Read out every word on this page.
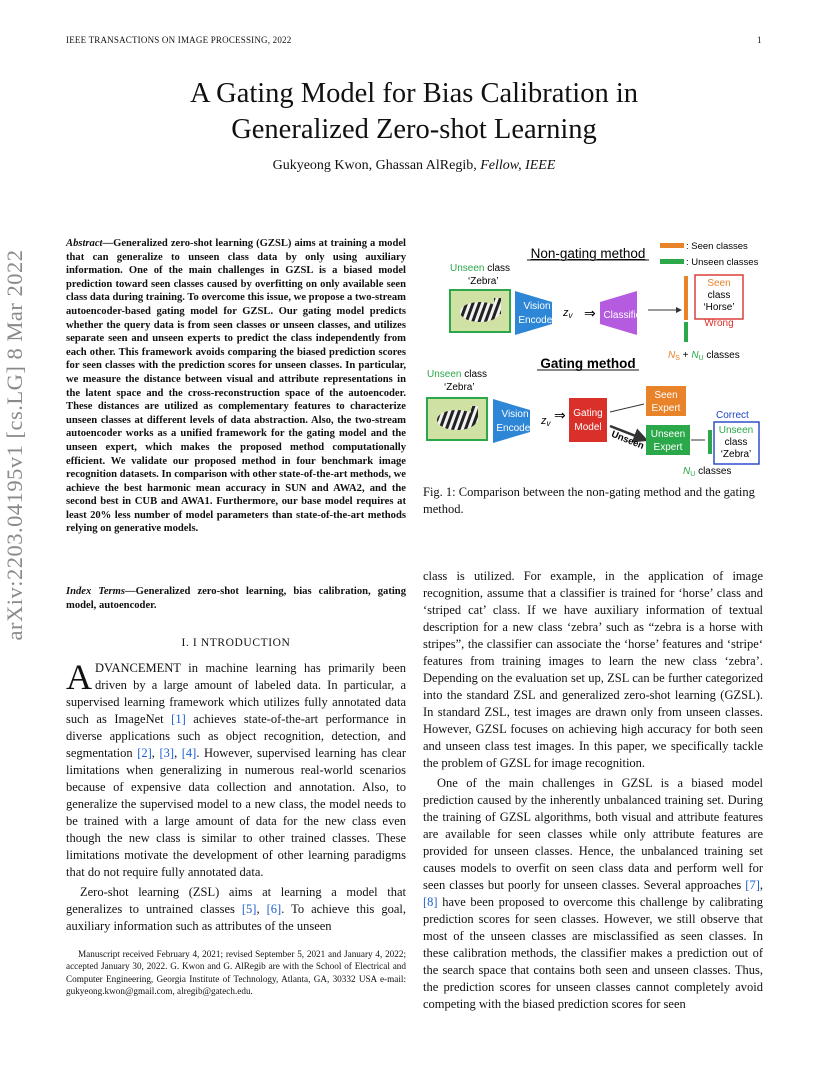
IEEE TRANSACTIONS ON IMAGE PROCESSING, 2022	1
A Gating Model for Bias Calibration in
Generalized Zero-shot Learning
Gukyeong Kwon, Ghassan AlRegib, Fellow, IEEE
arXiv:2203.04195v1 [cs.LG] 8 Mar 2022
Abstract—Generalized zero-shot learning (GZSL) aims at training a model that can generalize to unseen class data by only using auxiliary information. One of the main challenges in GZSL is a biased model prediction toward seen classes caused by overfitting on only available seen class data during training. To overcome this issue, we propose a two-stream autoencoder-based gating model for GZSL. Our gating model predicts whether the query data is from seen classes or unseen classes, and utilizes separate seen and unseen experts to predict the class independently from each other. This framework avoids comparing the biased prediction scores for seen classes with the prediction scores for unseen classes. In particular, we measure the distance between visual and attribute representations in the latent space and the cross-reconstruction space of the autoencoder. These distances are utilized as complementary features to characterize unseen classes at different levels of data abstraction. Also, the two-stream autoencoder works as a unified framework for the gating model and the unseen expert, which makes the proposed method computationally efficient. We validate our proposed method in four benchmark image recognition datasets. In comparison with other state-of-the-art methods, we achieve the best harmonic mean accuracy in SUN and AWA2, and the second best in CUB and AWA1. Furthermore, our base model requires at least 20% less number of model parameters than state-of-the-art methods relying on generative models.
Index Terms—Generalized zero-shot learning, bias calibration, gating model, autoencoder.
I. I NTRODUCTION

ADVANCEMENT in machine learning has primarily been driven by a large amount of labeled data. In particular, a supervised learning framework which utilizes fully annotated data such as ImageNet [1] achieves state-of-the-art performance in diverse applications such as object recognition, detection, and segmentation [2], [3], [4]. However, supervised learning has clear limitations when generalizing in numerous real-world scenarios because of expensive data collection and annotation. Also, to generalize the supervised model to a new class, the model needs to be trained with a large amount of data for the new class even though the new class is similar to other trained classes. These limitations motivate the development of other learning paradigms that do not require fully annotated data.

Zero-shot learning (ZSL) aims at learning a model that generalizes to untrained classes [5], [6]. To achieve this goal, auxiliary information such as attributes of the unseen

Manuscript received February 4, 2021; revised September 5, 2021 and January 4, 2022; accepted January 30, 2022. G. Kwon and G. AlRegib are with the School of Electrical and Computer Engineering, Georgia Institute of Technology, Atlanta, GA, 30332 USA e-mail: gukyeong.kwon@gmail.com, alregib@gatech.edu.
Non-gating method	: Seen classes
: Unseen classes
Unseen class
‘Zebra’
Vision
Encoder
zv ⇒ Classifier
Seen
class
‘Horse’
Wrong
$N_S + N_U$ classes
Gating method
Unseen class
‘Zebra’
Vision
Encoder
zv
⇒ Gating
Model
Unseen
Seen
Expert
Unseen
Expert
Correct
Unseen
class
‘Zebra’
$N_U$ classes
Fig. 1: Comparison between the non-gating method and the gating method.

class is utilized. For example, in the application of image recognition, assume that a classifier is trained for ‘horse’ class and ‘striped cat’ class. If we have auxiliary information of textual description for a new class ‘zebra’ such as “zebra is a horse with stripes”, the classifier can associate the ‘horse’ features and ‘stripe‘ features from training images to learn the new class ‘zebra’. Depending on the evaluation set up, ZSL can be further categorized into the standard ZSL and generalized zero-shot learning (GZSL). In standard ZSL, test images are drawn only from unseen classes. However, GZSL focuses on achieving high accuracy for both seen and unseen class test images. In this paper, we specifically tackle the problem of GZSL for image recognition.

One of the main challenges in GZSL is a biased model prediction caused by the inherently unbalanced training set. During the training of GZSL algorithms, both visual and attribute features are available for seen classes while only attribute features are provided for unseen classes. Hence, the unbalanced training set causes models to overfit on seen class data and perform well for seen classes but poorly for unseen classes. Several approaches [7], [8] have been proposed to overcome this challenge by calibrating prediction scores for seen classes. However, we still observe that most of the unseen classes are misclassified as seen classes. In these calibration methods, the classifier makes a prediction out of the search space that contains both seen and unseen classes. Thus, the prediction scores for unseen classes cannot completely avoid competing with the biased prediction scores for seen
